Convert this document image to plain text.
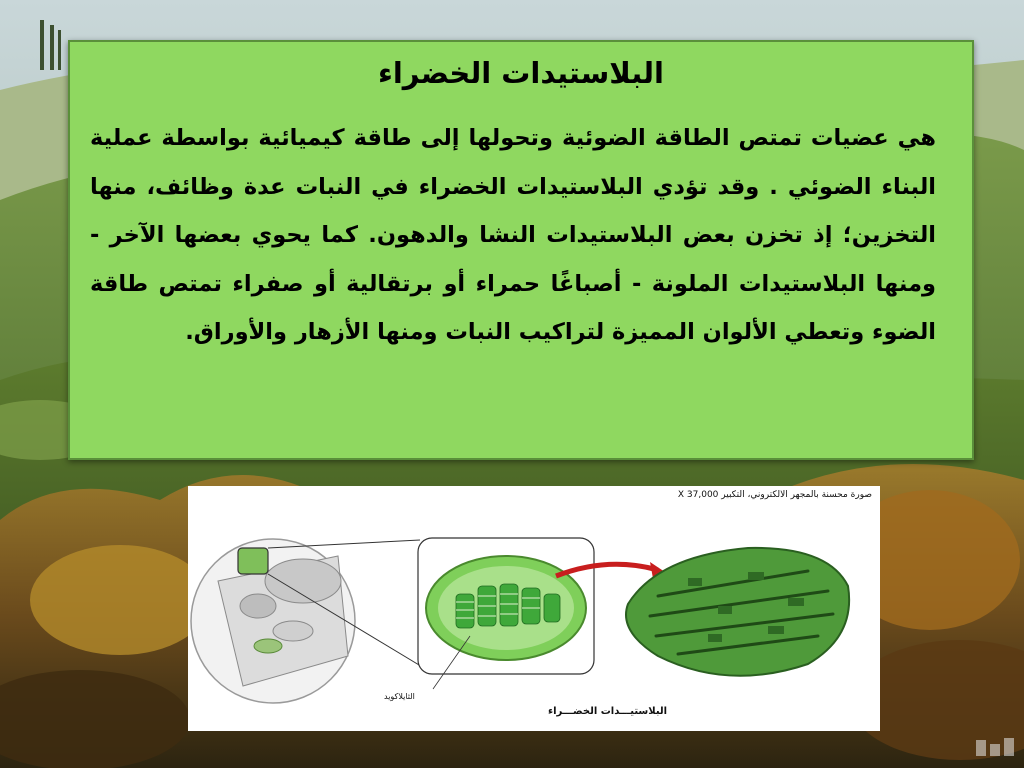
البلاستيدات الخضراء
هي عضيات تمتص الطاقة الضوئية وتحولها إلى طاقة كيميائية بواسطة عملية البناء الضوئي . وقد تؤدي البلاستيدات الخضراء في النبات عدة وظائف، منها التخزين؛ إذ تخزن بعض البلاستيدات النشا والدهون. كما يحوي بعضها الآخر - ومنها البلاستيدات الملونة - أصباغًا حمراء أو برتقالية أو صفراء تمتص طاقة الضوء وتعطي الألوان المميزة لتراكيب النبات ومنها الأزهار والأوراق.
صورة محسنة بالمجهر الالكتروني، التكبير X 37,000
الثايلاكويد
البلاستيـــدات الخضـــراء
